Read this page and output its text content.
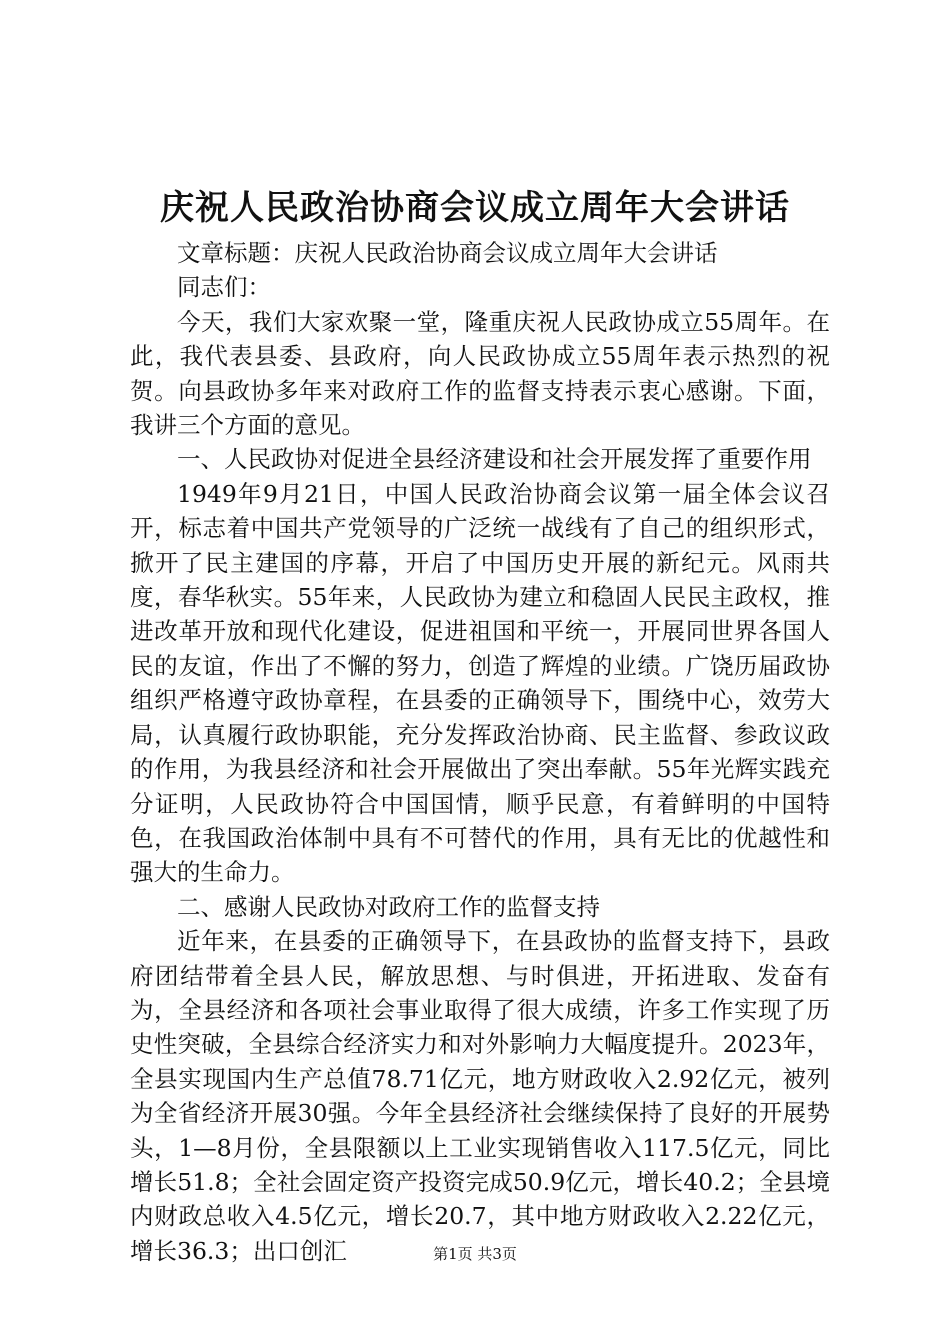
庆祝人民政治协商会议成立周年大会讲话

文章标题：庆祝人民政治协商会议成立周年大会讲话

同志们：

今天，我们大家欢聚一堂，隆重庆祝人民政协成立55周年。在此，我代表县委、县政府，向人民政协成立55周年表示热烈的祝贺。向县政协多年来对政府工作的监督支持表示衷心感谢。下面，我讲三个方面的意见。

一、人民政协对促进全县经济建设和社会开展发挥了重要作用

1949年9月21日，中国人民政治协商会议第一届全体会议召开，标志着中国共产党领导的广泛统一战线有了自己的组织形式，掀开了民主建国的序幕，开启了中国历史开展的新纪元。风雨共度，春华秋实。55年来，人民政协为建立和稳固人民民主政权，推进改革开放和现代化建设，促进祖国和平统一，开展同世界各国人民的友谊，作出了不懈的努力，创造了辉煌的业绩。广饶历届政协组织严格遵守政协章程，在县委的正确领导下，围绕中心，效劳大局，认真履行政协职能，充分发挥政治协商、民主监督、参政议政的作用，为我县经济和社会开展做出了突出奉献。55年光辉实践充分证明，人民政协符合中国国情，顺乎民意，有着鲜明的中国特色，在我国政治体制中具有不可替代的作用，具有无比的优越性和强大的生命力。

二、感谢人民政协对政府工作的监督支持

近年来，在县委的正确领导下，在县政协的监督支持下，县政府团结带着全县人民，解放思想、与时俱进，开拓进取、发奋有为，全县经济和各项社会事业取得了很大成绩，许多工作实现了历史性突破，全县综合经济实力和对外影响力大幅度提升。2023年，全县实现国内生产总值78.71亿元，地方财政收入2.92亿元，被列为全省经济开展30强。今年全县经济社会继续保持了良好的开展势头，1—8月份，全县限额以上工业实现销售收入117.5亿元，同比增长51.8；全社会固定资产投资完成50.9亿元，增长40.2；全县境内财政总收入4.5亿元，增长20.7，其中地方财政收入2.22亿元，增长36.3；出口创汇	第1页 共3页
